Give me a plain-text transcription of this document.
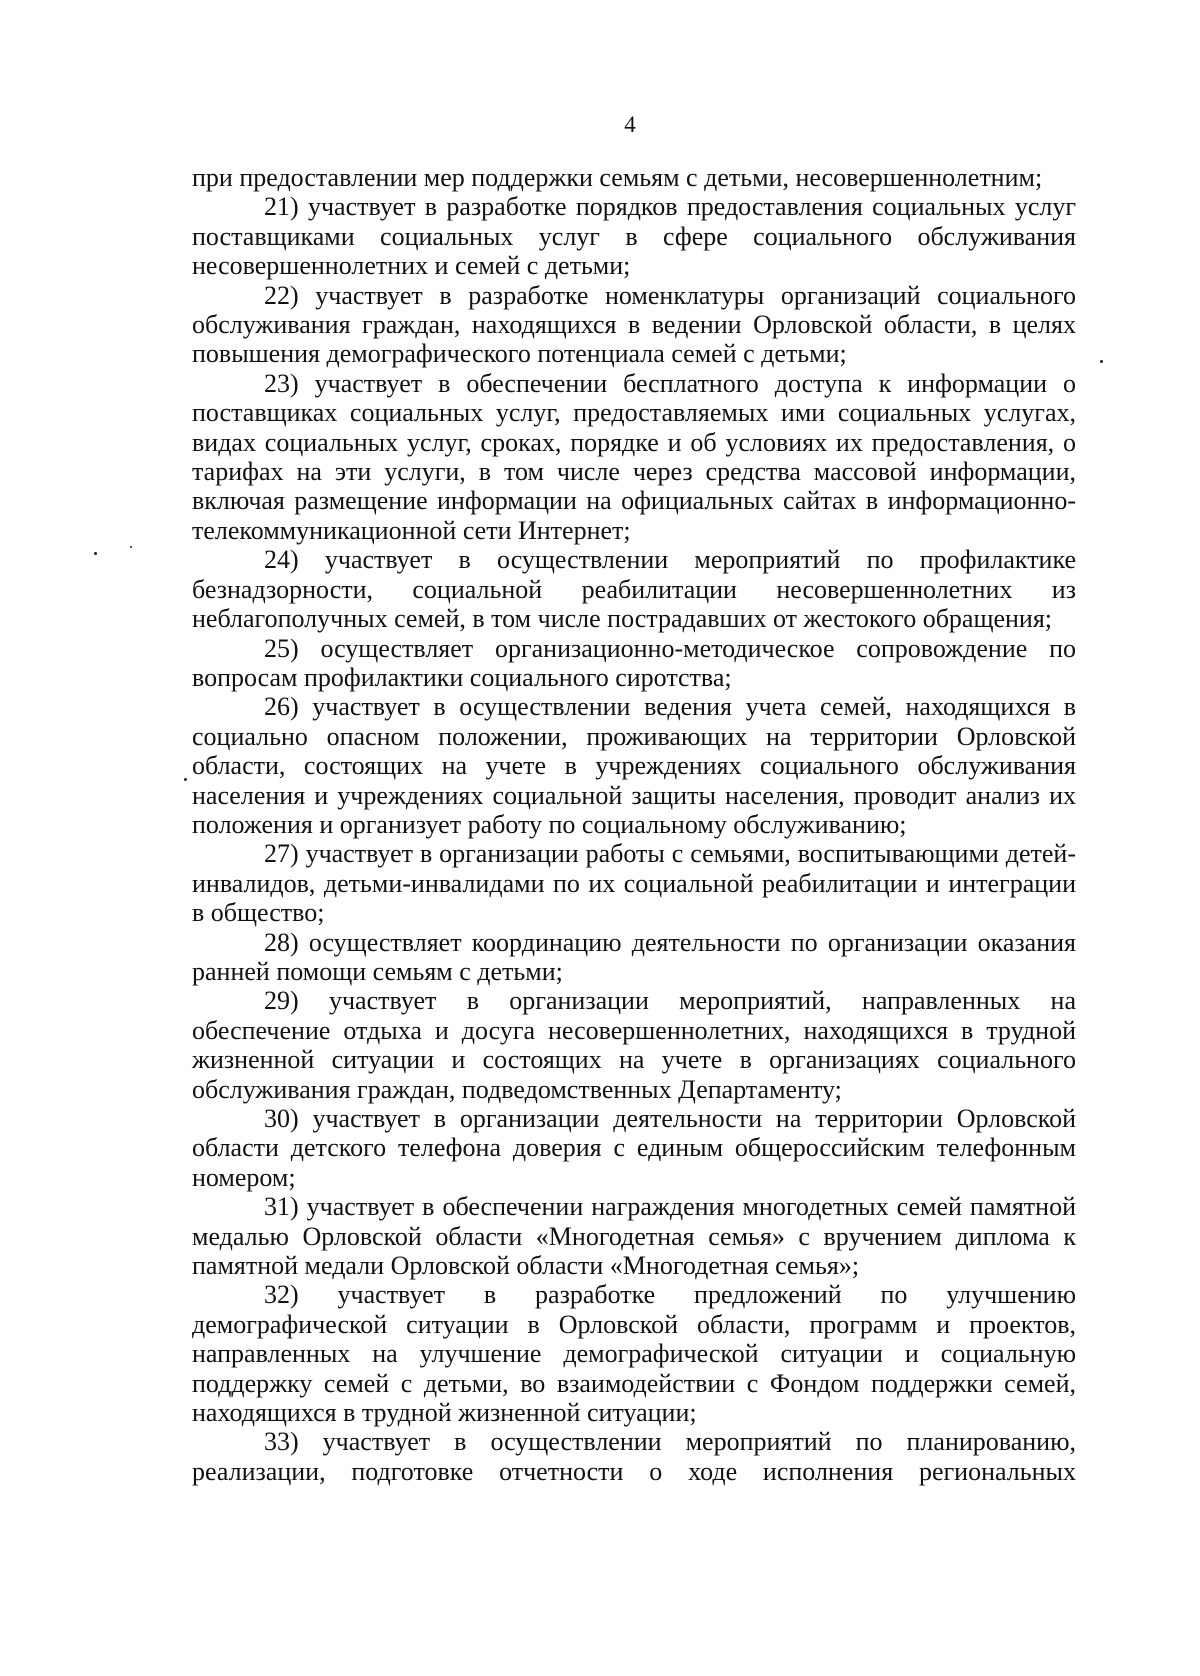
4

при предоставлении мер поддержки семьям с детьми, несовершеннолетним;

21) участвует в разработке порядков предоставления социальных услуг поставщиками социальных услуг в сфере социального обслуживания несовершеннолетних и семей с детьми;

22) участвует в разработке номенклатуры организаций социального обслуживания граждан, находящихся в ведении Орловской области, в целях повышения демографического потенциала семей с детьми;

23) участвует в обеспечении бесплатного доступа к информации о поставщиках социальных услуг, предоставляемых ими социальных услугах, видах социальных услуг, сроках, порядке и об условиях их предоставления, о тарифах на эти услуги, в том числе через средства массовой информации, включая размещение информации на официальных сайтах в информационно-телекоммуникационной сети Интернет;

24) участвует в осуществлении мероприятий по профилактике безнадзорности, социальной реабилитации несовершеннолетних из неблагополучных семей, в том числе пострадавших от жестокого обращения;

25) осуществляет организационно-методическое сопровождение по вопросам профилактики социального сиротства;

26) участвует в осуществлении ведения учета семей, находящихся в социально опасном положении, проживающих на территории Орловской области, состоящих на учете в учреждениях социального обслуживания населения и учреждениях социальной защиты населения, проводит анализ их положения и организует работу по социальному обслуживанию;

27) участвует в организации работы с семьями, воспитывающими детей-инвалидов, детьми-инвалидами по их социальной реабилитации и интеграции в общество;

28) осуществляет координацию деятельности по организации оказания ранней помощи семьям с детьми;

29) участвует в организации мероприятий, направленных на обеспечение отдыха и досуга несовершеннолетних, находящихся в трудной жизненной ситуации и состоящих на учете в организациях социального обслуживания граждан, подведомственных Департаменту;

30) участвует в организации деятельности на территории Орловской области детского телефона доверия с единым общероссийским телефонным номером;

31) участвует в обеспечении награждения многодетных семей памятной медалью Орловской области «Многодетная семья» с вручением диплома к памятной медали Орловской области «Многодетная семья»;

32) участвует в разработке предложений по улучшению демографической ситуации в Орловской области, программ и проектов, направленных на улучшение демографической ситуации и социальную поддержку семей с детьми, во взаимодействии с Фондом поддержки семей, находящихся в трудной жизненной ситуации;

33) участвует в осуществлении мероприятий по планированию, реализации, подготовке отчетности о ходе исполнения региональных
